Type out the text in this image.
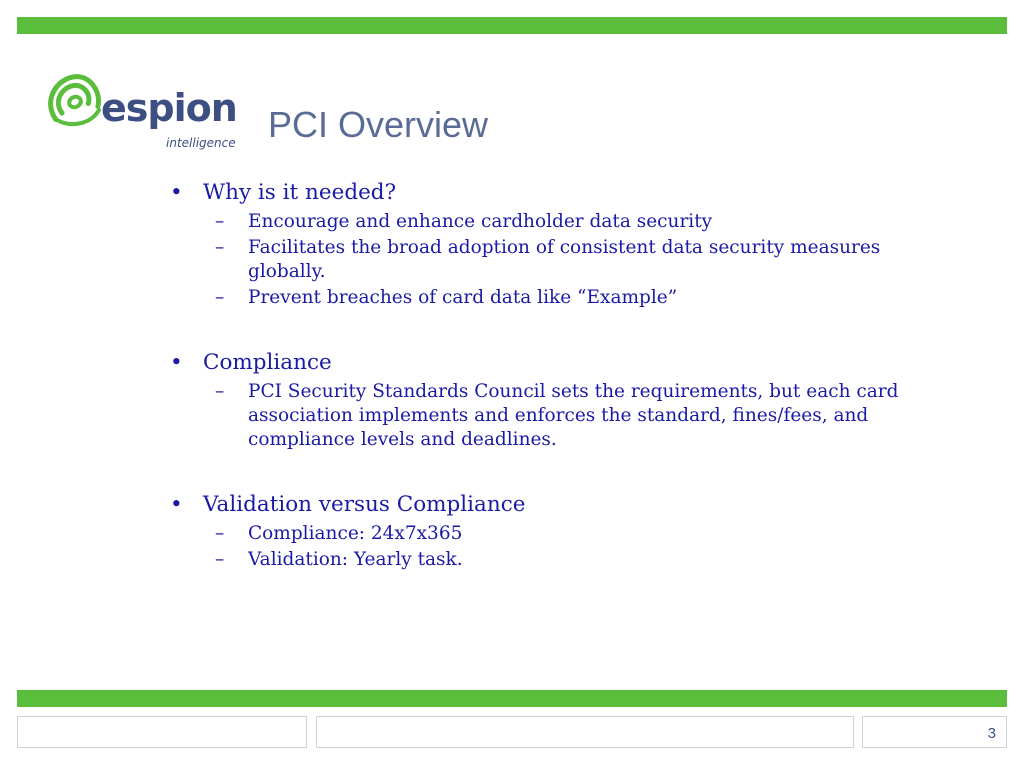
espion
intelligence PCI Overview
• Why is it needed?
– Encourage and enhance cardholder data security
– Facilitates the broad adoption of consistent data security measures globally.
– Prevent breaches of card data like “Example”
• Compliance
– PCI Security Standards Council sets the requirements, but each card association implements and enforces the standard, fines/fees, and compliance levels and deadlines.
• Validation versus Compliance
– Compliance: 24x7x365
– Validation: Yearly task.
3
